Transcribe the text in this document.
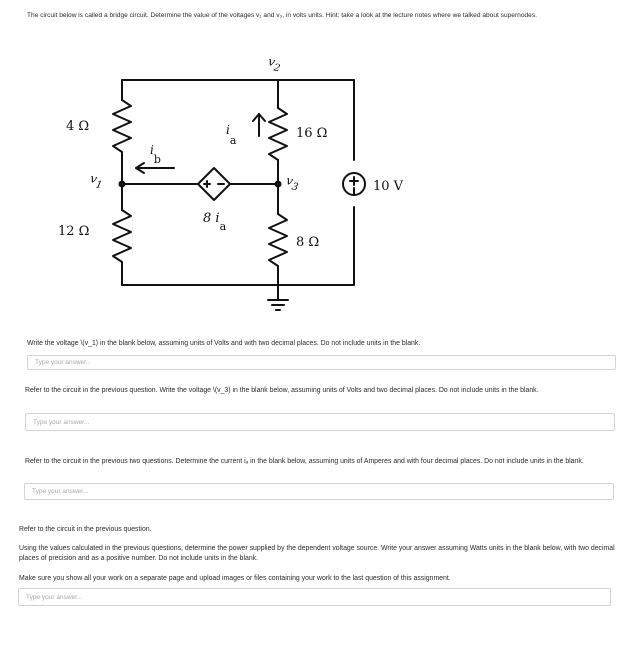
The circuit below is called a bridge circuit. Determine the value of the voltages v₁ and v₃, in volts units. Hint: take a look at the lecture notes where we talked about supernodes.
4 Ω
12 Ω
16 Ω
8 Ω
10 V
$v_1$
$v_2$
$v_3$
ia
ib
8 $i_a$
Write the voltage \(v_1) in the blank below, assuming units of Volts and with two decimal places. Do not include units in the blank.
Type your answer...
Refer to the circuit in the previous question. Write the voltage \(v_3) in the blank below, assuming units of Volts and two decimal places. Do not include units in the blank.
Type your answer...
Refer to the circuit in the previous two questions. Determine the current iₐ in the blank below, assuming units of Amperes and with four decimal places. Do not include units in the blank.
Type your answer...
Refer to the circuit in the previous question.
Using the values calculated in the previous questions, determine the power supplied by the dependent voltage source. Write your answer assuming Watts units in the blank below, with two decimal places of precision and as a positive number. Do not include units in the blank.
Make sure you show all your work on a separate page and upload images or files containing your work to the last question of this assignment.
Type your answer...
